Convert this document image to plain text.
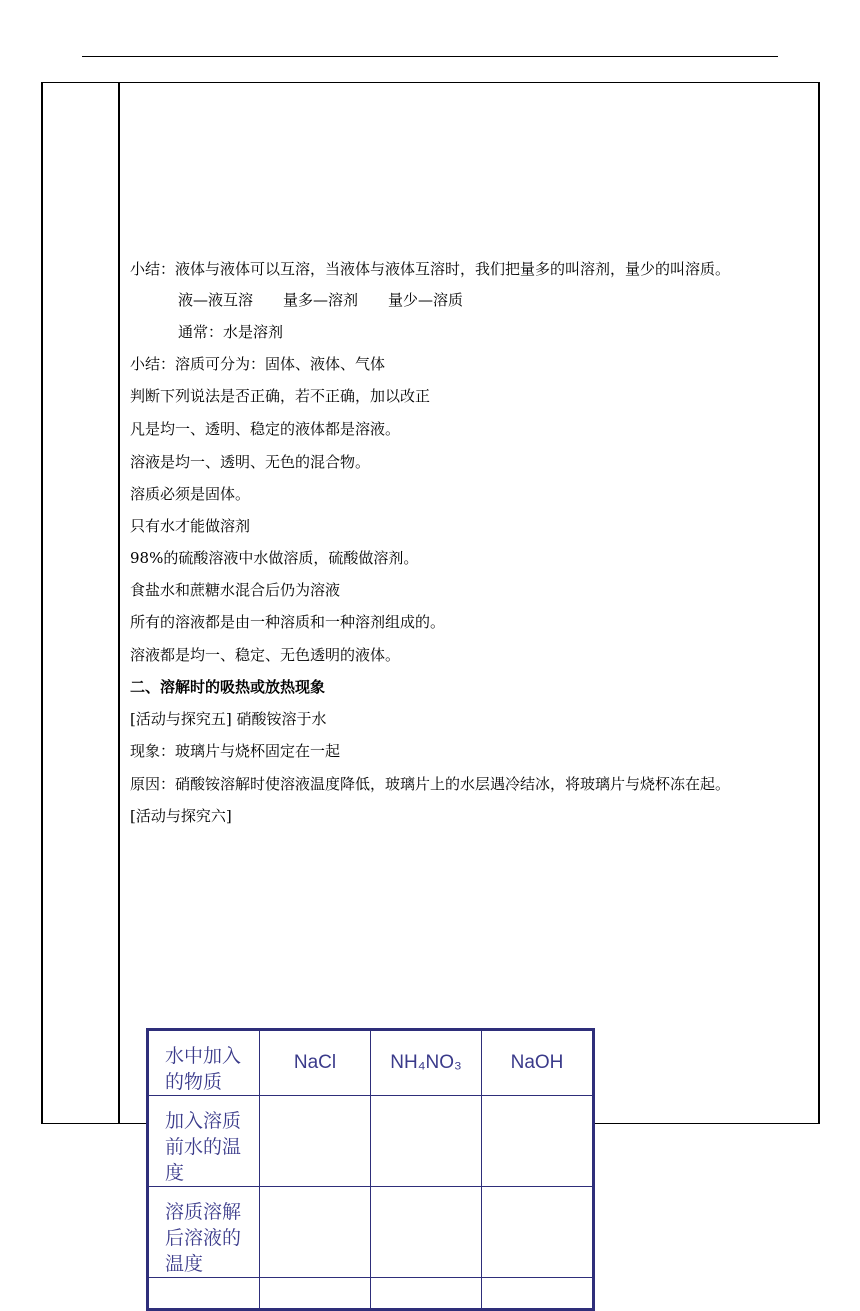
小结：液体与液体可以互溶，当液体与液体互溶时，我们把量多的叫溶剂，量少的叫溶质。
液—液互溶　　量多—溶剂　　量少—溶质
通常：水是溶剂
小结：溶质可分为：固体、液体、气体
判断下列说法是否正确，若不正确，加以改正
凡是均一、透明、稳定的液体都是溶液。
溶液是均一、透明、无色的混合物。
溶质必须是固体。
只有水才能做溶剂
98%的硫酸溶液中水做溶质，硫酸做溶剂。
食盐水和蔗糖水混合后仍为溶液
所有的溶液都是由一种溶质和一种溶剂组成的。
溶液都是均一、稳定、无色透明的液体。
二、溶解时的吸热或放热现象
[活动与探究五] 硝酸铵溶于水
现象：玻璃片与烧杯固定在一起
原因：硝酸铵溶解时使溶液温度降低，玻璃片上的水层遇冷结冰，将玻璃片与烧杯冻在起。
[活动与探究六]
水中加入的物质	NaCl	NH₄NO₃	NaOH

加入溶质前水的温度			

溶质溶解后溶液的温度			
